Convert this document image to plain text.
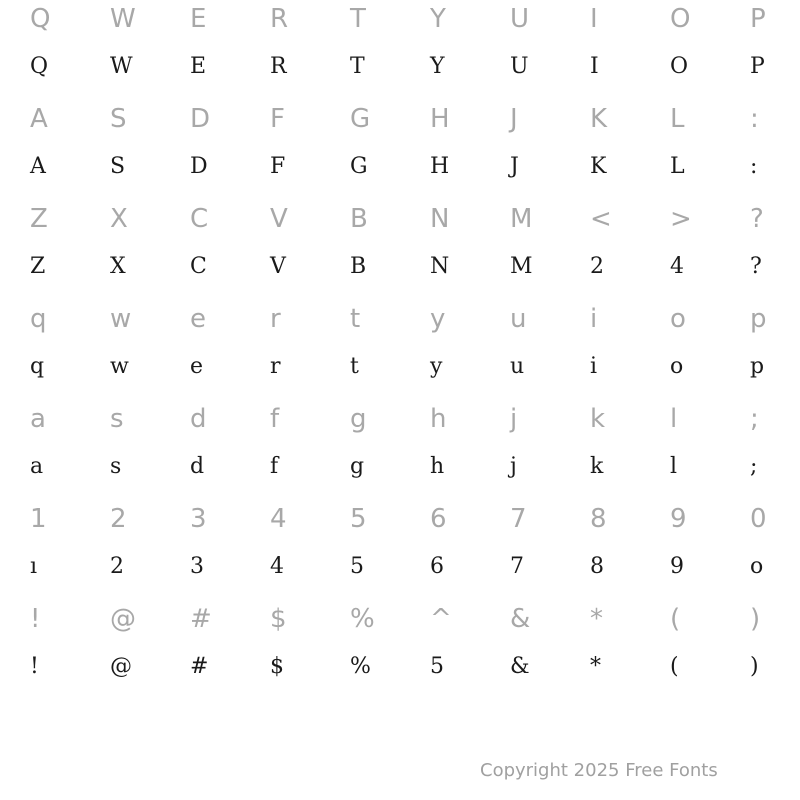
Q	W	E	R	T	Y	U	I	O	P
Q	W	E	R	T	Y	U	I	O	P
A	S	D	F	G	H	J	K	L	:
A	S	D	F	G	H	J	K	L	:
Z	X	C	V	B	N	M	<	>	?
Z	X	C	V	B	N	M	2	4	?
q	w	e	r	t	y	u	i	o	p
q	w	e	r	t	y	u	i	o	p
a	s	d	f	g	h	j	k	l	;
a	s	d	f	g	h	j	k	l	;
1	2	3	4	5	6	7	8	9	0
ı	2	3	4	5	6	7	8	9	o
!	@	#	$	%	^	&	*	(	)
!	@	#	$	%	5	&	*	(	)
Copyright 2025 Free Fonts
